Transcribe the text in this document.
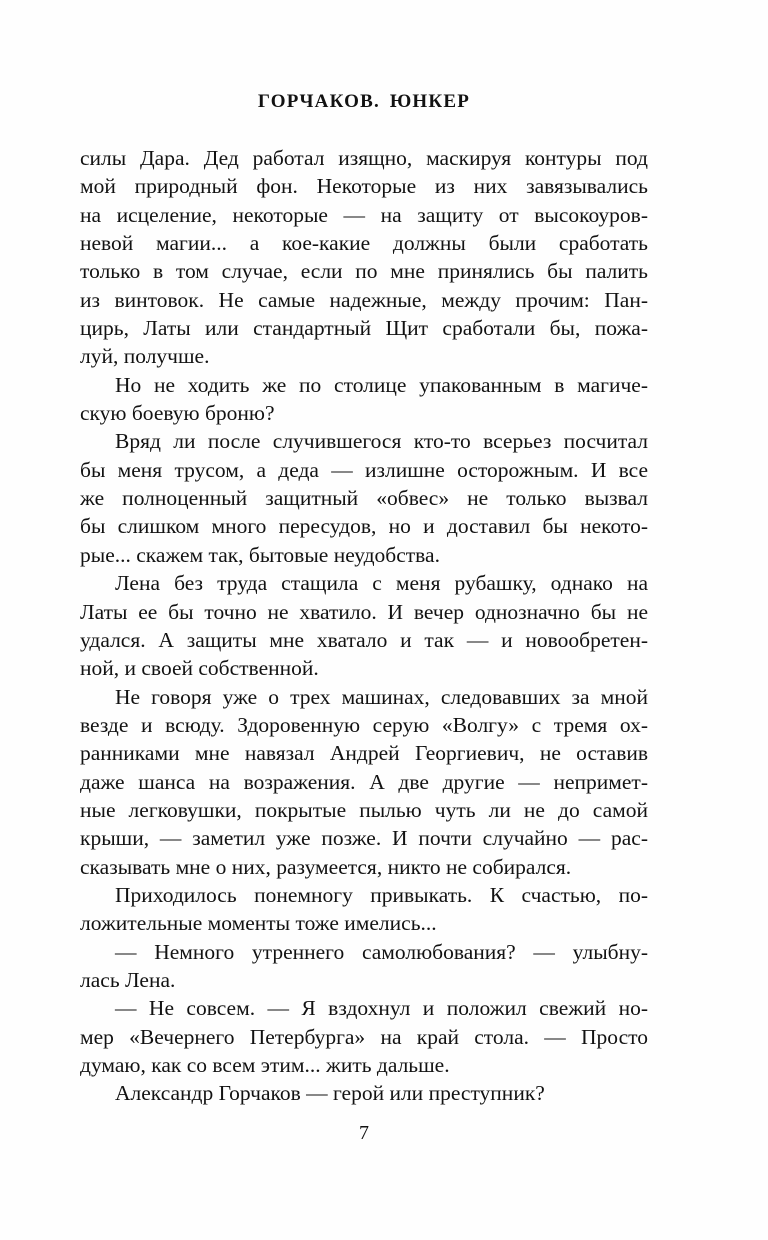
ГОРЧАКОВ. ЮНКЕР
силы Дара. Дед работал изящно, маскируя контуры под
мой природный фон. Некоторые из них завязывались
на исцеление, некоторые — на защиту от высокоуров-
невой магии... а кое-какие должны были сработать
только в том случае, если по мне принялись бы палить
из винтовок. Не самые надежные, между прочим: Пан-
цирь, Латы или стандартный Щит сработали бы, пожа-
луй, получше.
Но не ходить же по столице упакованным в магиче-
скую боевую броню?
Вряд ли после случившегося кто-то всерьез посчитал
бы меня трусом, а деда — излишне осторожным. И все
же полноценный защитный «обвес» не только вызвал
бы слишком много пересудов, но и доставил бы некото-
рые... скажем так, бытовые неудобства.
Лена без труда стащила с меня рубашку, однако на
Латы ее бы точно не хватило. И вечер однозначно бы не
удался. А защиты мне хватало и так — и новообретен-
ной, и своей собственной.
Не говоря уже о трех машинах, следовавших за мной
везде и всюду. Здоровенную серую «Волгу» с тремя ох-
ранниками мне навязал Андрей Георгиевич, не оставив
даже шанса на возражения. А две другие — непримет-
ные легковушки, покрытые пылью чуть ли не до самой
крыши, — заметил уже позже. И почти случайно — рас-
сказывать мне о них, разумеется, никто не собирался.
Приходилось понемногу привыкать. К счастью, по-
ложительные моменты тоже имелись...
— Немного утреннего самолюбования? — улыбну-
лась Лена.
— Не совсем. — Я вздохнул и положил свежий но-
мер «Вечернего Петербурга» на край стола. — Просто
думаю, как со всем этим... жить дальше.
Александр Горчаков — герой или преступник?
7
